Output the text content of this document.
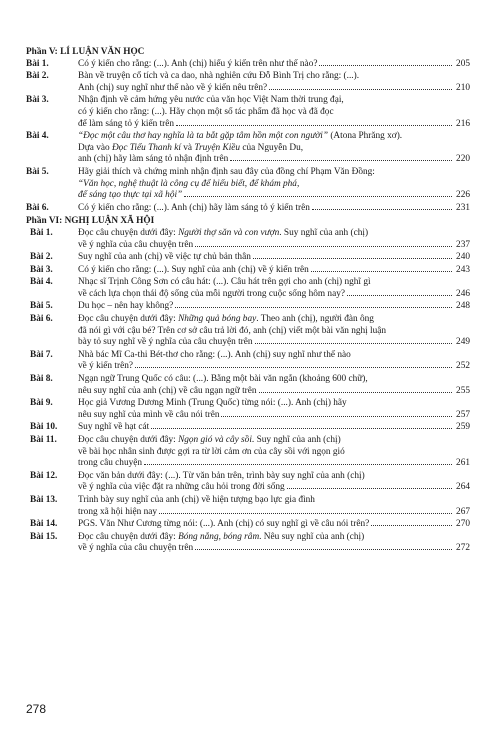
Phần V: LÍ LUẬN VĂN HỌC
Bài 1.	Có ý kiến cho rằng: (...). Anh (chị) hiểu ý kiến trên như thế nào?	205
Bài 2.	Bàn về truyện cổ tích và ca dao, nhà nghiên cứu Đỗ Bình Trị cho rằng: (...).
Anh (chị) suy nghĩ như thế nào về ý kiến nêu trên?	210
Bài 3.	Nhận định về cảm hứng yêu nước của văn học Việt Nam thời trung đại,
có ý kiến cho rằng: (...). Hãy chọn một số tác phẩm đã học và đã đọc
để làm sáng tỏ ý kiến trên	216
Bài 4.	“Đọc một câu thơ hay nghĩa là ta bắt gặp tâm hồn một con người” (Atona Phrăng xơ).
Dựa vào Đọc Tiểu Thanh kí và Truyện Kiều của Nguyễn Du,
anh (chị) hãy làm sáng tỏ nhận định trên	220
Bài 5.	Hãy giải thích và chứng minh nhận định sau đây của đồng chí Phạm Văn Đồng:
“Văn học, nghệ thuật là công cụ để hiểu biết, để khám phá,
để sáng tạo thực tại xã hội”	226
Bài 6.	Có ý kiến cho rằng: (...). Anh (chị) hãy làm sáng tỏ ý kiến trên	231
Phần VI: NGHỊ LUẬN XÃ HỘI
Bài 1.	Đọc câu chuyện dưới đây: Người thợ săn và con vượn. Suy nghĩ của anh (chị)
về ý nghĩa của câu chuyện trên	237
Bài 2.	Suy nghĩ của anh (chị) về việc tự chủ bản thân	240
Bài 3.	Có ý kiến cho rằng: (...). Suy nghĩ của anh (chị) về ý kiến trên	243
Bài 4.	Nhạc sĩ Trịnh Công Sơn có câu hát: (...). Câu hát trên gợi cho anh (chị) nghĩ gì
về cách lựa chọn thái độ sống của mỗi người trong cuộc sống hôm nay?	246
Bài 5.	Du học – nên hay không?	248
Bài 6.	Đọc câu chuyện dưới đây: Những quả bóng bay. Theo anh (chị), người đàn ông
đã nói gì với cậu bé? Trên cơ sở câu trả lời đó, anh (chị) viết một bài văn nghị luận
bày tỏ suy nghĩ về ý nghĩa của câu chuyện trên	249
Bài 7.	Nhà bác Mĩ Ca-thi Bét-thơ cho rằng: (...). Anh (chị) suy nghĩ như thế nào
về ý kiến trên?	252
Bài 8.	Ngạn ngữ Trung Quốc có câu: (...). Bằng một bài văn ngắn (khoảng 600 chữ),
nêu suy nghĩ của anh (chị) về câu ngạn ngữ trên	255
Bài 9.	Học giả Vương Dương Minh (Trung Quốc) từng nói: (...). Anh (chị) hãy
nêu suy nghĩ của mình về câu nói trên	257
Bài 10. Suy nghĩ về hạt cát	259
Bài 11.	Đọc câu chuyện dưới đây: Ngọn gió và cây sồi. Suy nghĩ của anh (chị)
về bài học nhân sinh được gợi ra từ lời cảm ơn của cây sồi với ngọn gió
trong câu chuyện	261
Bài 12.	Đọc văn bản dưới đây: (...). Từ văn bản trên, trình bày suy nghĩ của anh (chị)
về ý nghĩa của việc đặt ra những câu hỏi trong đời sống	264
Bài 13.	Trình bày suy nghĩ của anh (chị) về hiện tượng bạo lực gia đình
trong xã hội hiện nay	267
Bài 14. PGS. Văn Như Cương từng nói: (...). Anh (chị) có suy nghĩ gì về câu nói trên?	270
Bài 15.	Đọc câu chuyện dưới đây: Bóng nắng, bóng râm. Nêu suy nghĩ của anh (chị)
về ý nghĩa của câu chuyện trên	272
278
